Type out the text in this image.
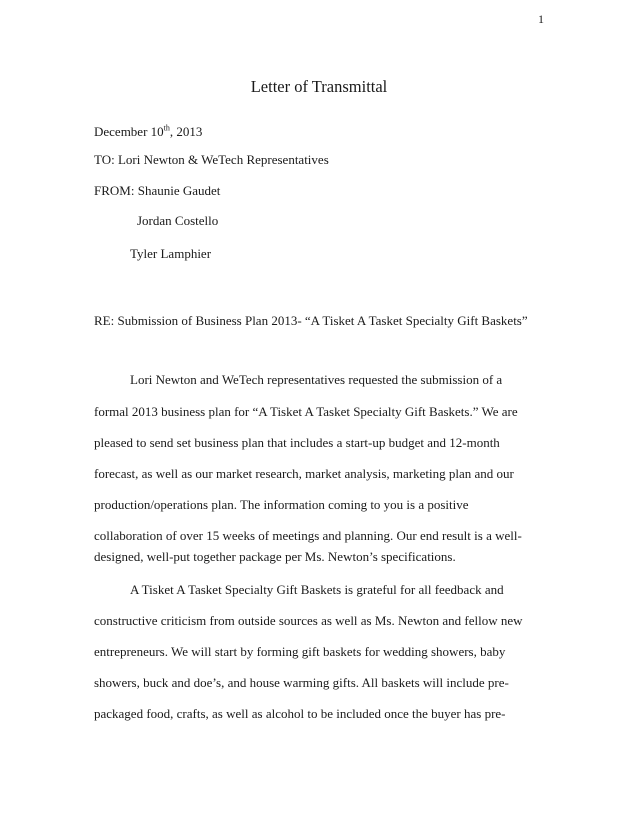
1
Letter of Transmittal
December 10th, 2013
TO: Lori Newton & WeTech Representatives
FROM: Shaunie Gaudet
Jordan Costello
Tyler Lamphier
RE: Submission of Business Plan 2013- “A Tisket A Tasket Specialty Gift Baskets”
Lori Newton and WeTech representatives requested the submission of a
formal 2013 business plan for “A Tisket A Tasket Specialty Gift Baskets.” We are
pleased to send set business plan that includes a start-up budget and 12-month
forecast, as well as our market research, market analysis, marketing plan and our
production/operations plan. The information coming to you is a positive
collaboration of over 15 weeks of meetings and planning. Our end result is a well-
designed, well-put together package per Ms. Newton’s specifications.
A Tisket A Tasket Specialty Gift Baskets is grateful for all feedback and
constructive criticism from outside sources as well as Ms. Newton and fellow new
entrepreneurs. We will start by forming gift baskets for wedding showers, baby
showers, buck and doe’s, and house warming gifts. All baskets will include pre-
packaged food, crafts, as well as alcohol to be included once the buyer has pre-
